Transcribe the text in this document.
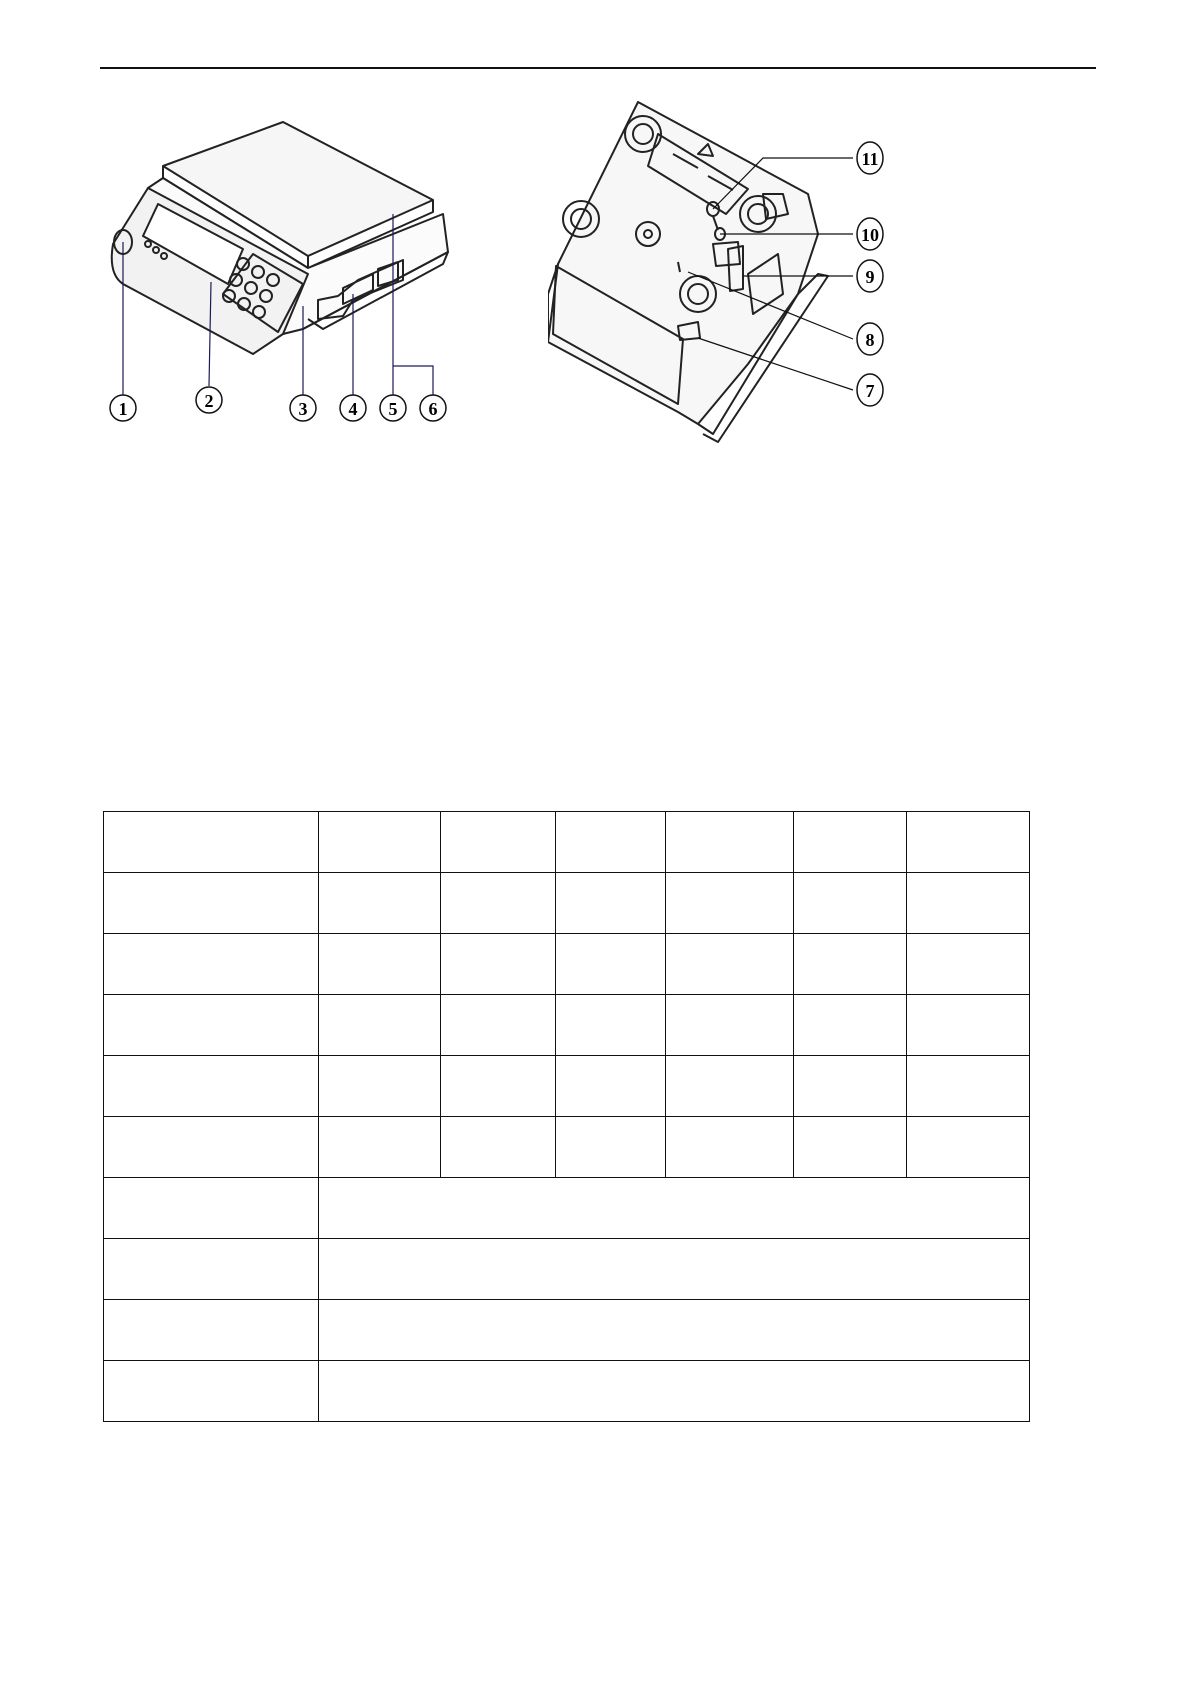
1	2	3 4 5 6
11
10
9
8
7
